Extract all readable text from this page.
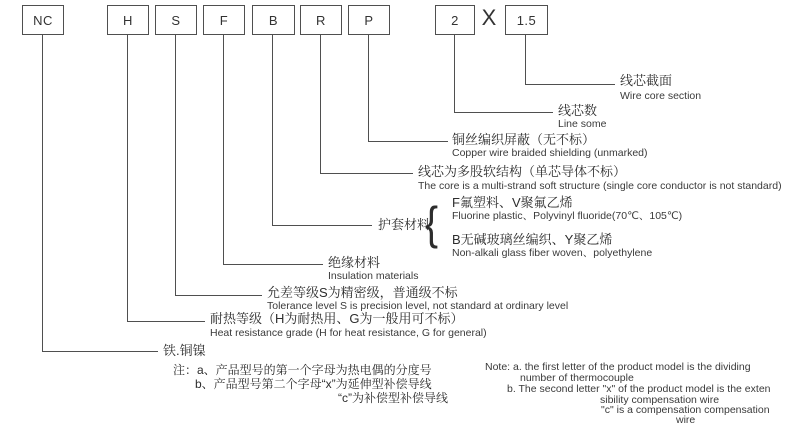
NC	H	S	F	B	R	P	2	X	1.5
线芯截面
Wire core section
线芯数
Line some
铜丝编织屏蔽（无不标）
Copper wire braided shielding (unmarked)
线芯为多股软结构（单芯导体不标）
The core is a multi-strand soft structure (single core conductor is not standard)
护套材料
{ F氟塑料、V聚氟乙烯
Fluorine plastic、Polyvinyl fluoride(70℃、105℃)
B无碱玻璃丝编织、Y聚乙烯
Non-alkali glass fiber woven、polyethylene
绝缘材料
Insulation materials
允差等级S为精密级，普通级不标
Tolerance level S is precision level, not standard at ordinary level
耐热等级（H为耐热用、G为一般用可不标）
Heat resistance grade (H for heat resistance, G for general)
铁.铜镍
注：a、产品型号的第一个字母为热电偶的分度号
b、产品型号第二个字母“x”为延伸型补偿导线
“c”为补偿型补偿导线
Note: a. the first letter of the product model is the dividing
number of thermocouple
b. The second letter "x" of the product model is the exten
sibility compensation wire
"c" is a compensation compensation
wire
